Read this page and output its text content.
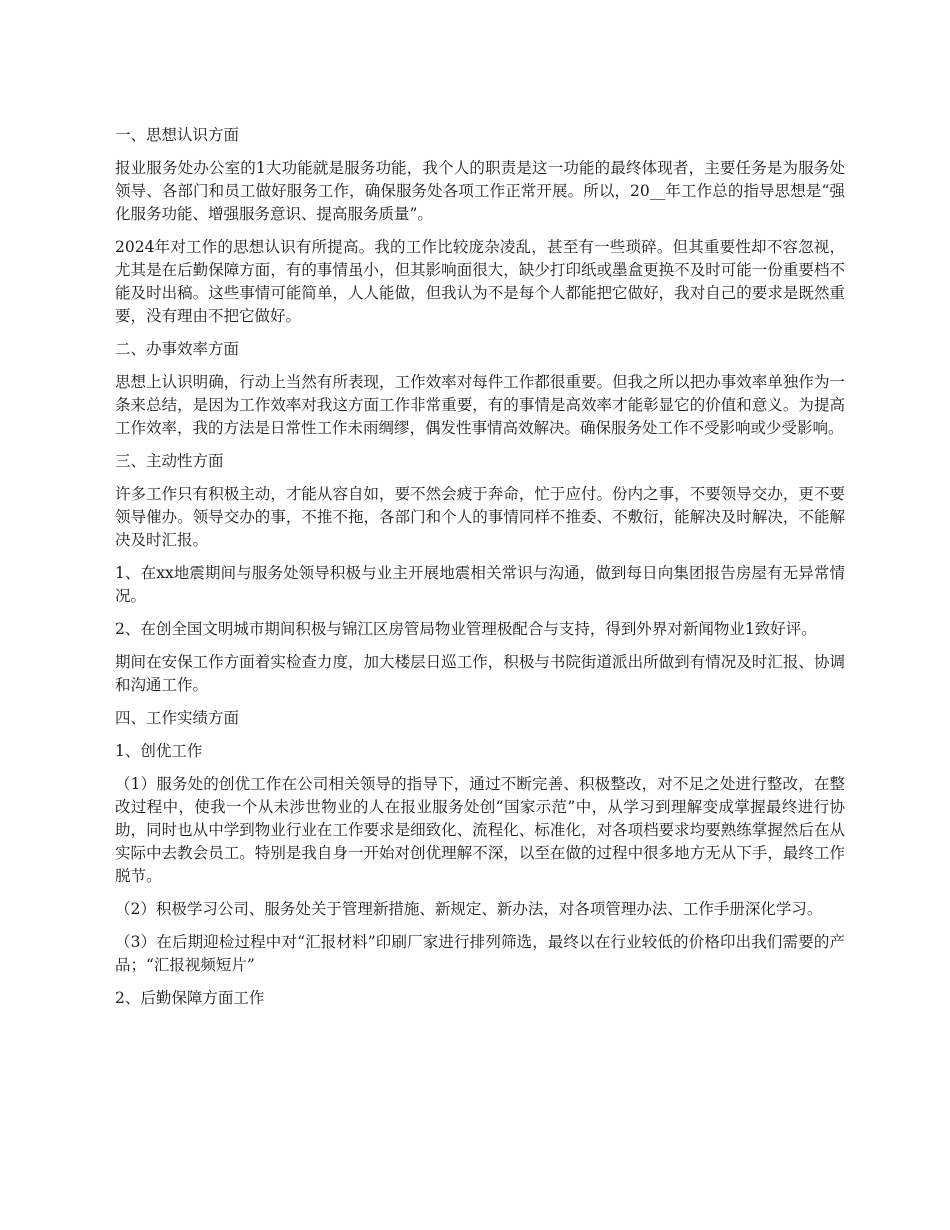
一、思想认识方面

报业服务处办公室的1大功能就是服务功能，我个人的职责是这一功能的最终体现者，主要任务是为服务处领导、各部门和员工做好服务工作，确保服务处各项工作正常开展。所以，20__年工作总的指导思想是“强化服务功能、增强服务意识、提高服务质量”。

2024年对工作的思想认识有所提高。我的工作比较庞杂凌乱，甚至有一些琐碎。但其重要性却不容忽视，尤其是在后勤保障方面，有的事情虽小，但其影响面很大，缺少打印纸或墨盒更换不及时可能一份重要档不能及时出稿。这些事情可能简单，人人能做，但我认为不是每个人都能把它做好，我对自己的要求是既然重要，没有理由不把它做好。

二、办事效率方面

思想上认识明确，行动上当然有所表现，工作效率对每件工作都很重要。但我之所以把办事效率单独作为一条来总结，是因为工作效率对我这方面工作非常重要，有的事情是高效率才能彰显它的价值和意义。为提高工作效率，我的方法是日常性工作未雨绸缪，偶发性事情高效解决。确保服务处工作不受影响或少受影响。

三、主动性方面

许多工作只有积极主动，才能从容自如，要不然会疲于奔命，忙于应付。份内之事，不要领导交办，更不要领导催办。领导交办的事，不推不拖，各部门和个人的事情同样不推委、不敷衍，能解决及时解决，不能解决及时汇报。

1、在xx地震期间与服务处领导积极与业主开展地震相关常识与沟通，做到每日向集团报告房屋有无异常情况。

2、在创全国文明城市期间积极与锦江区房管局物业管理极配合与支持，得到外界对新闻物业1致好评。

期间在安保工作方面着实检查力度，加大楼层日巡工作，积极与书院街道派出所做到有情况及时汇报、协调和沟通工作。

四、工作实绩方面
1、创优工作

（1）服务处的创优工作在公司相关领导的指导下，通过不断完善、积极整改，对不足之处进行整改，在整改过程中，使我一个从未涉世物业的人在报业服务处创“国家示范”中，从学习到理解变成掌握最终进行协助，同时也从中学到物业行业在工作要求是细致化、流程化、标准化，对各项档要求均要熟练掌握然后在从实际中去教会员工。特别是我自身一开始对创优理解不深，以至在做的过程中很多地方无从下手，最终工作脱节。

（2）积极学习公司、服务处关于管理新措施、新规定、新办法，对各项管理办法、工作手册深化学习。

（3）在后期迎检过程中对“汇报材料”印刷厂家进行排列筛选，最终以在行业较低的价格印出我们需要的产品；“汇报视频短片”

2、后勤保障方面工作
